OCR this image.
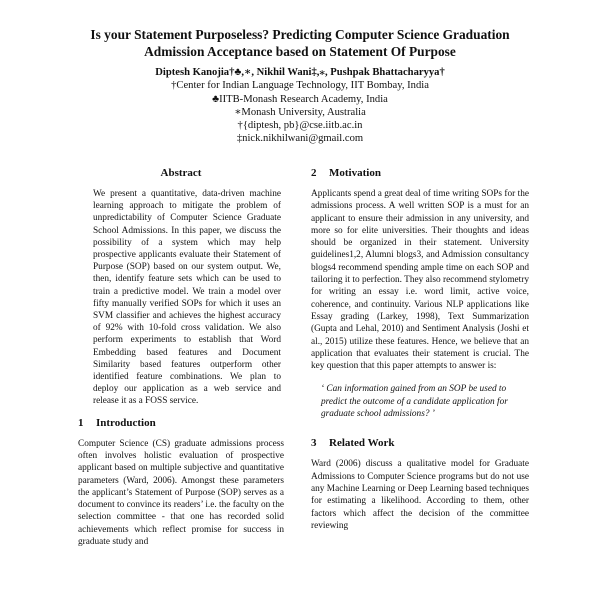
Is your Statement Purposeless? Predicting Computer Science Graduation
Admission Acceptance based on Statement Of Purpose
Diptesh Kanojia†♣,∗, Nikhil Wani‡,⁎, Pushpak Bhattacharyya†
†Center for Indian Language Technology, IIT Bombay, India
♣IITB-Monash Research Academy, India
∗Monash University, Australia
†{diptesh, pb}@cse.iitb.ac.in
‡nick.nikhilwani@gmail.com
Abstract

We present a quantitative, data-driven machine learning approach to mitigate the problem of unpredictability of Computer Science Graduate School Admissions. In this paper, we discuss the possibility of a system which may help prospective applicants evaluate their Statement of Purpose (SOP) based on our system output. We, then, identify feature sets which can be used to train a predictive model. We train a model over fifty manually verified SOPs for which it uses an SVM classifier and achieves the highest accuracy of 92% with 10-fold cross validation. We also perform experiments to establish that Word Embedding based features and Document Similarity based features outperform other identified feature combinations. We plan to deploy our application as a web service and release it as a FOSS service.

1 Introduction

Computer Science (CS) graduate admissions process often involves holistic evaluation of prospective applicant based on multiple subjective and quantitative parameters (Ward, 2006). Amongst these parameters the applicant’s Statement of Purpose (SOP) serves as a document to convince its readers’ i.e. the faculty on the selection committee - that one has recorded solid achievements which reflect promise for success in graduate study and

2 Motivation

Applicants spend a great deal of time writing SOPs for the admissions process. A well written SOP is a must for an applicant to ensure their admission in any university, and more so for elite universities. Their thoughts and ideas should be organized in their statement. University guidelines1,2, Alumni blogs3, and Admission consultancy blogs4 recommend spending ample time on each SOP and tailoring it to perfection. They also recommend stylometry for writing an essay i.e. word limit, active voice, coherence, and continuity. Various NLP applications like Essay grading (Larkey, 1998), Text Summarization (Gupta and Lehal, 2010) and Sentiment Analysis (Joshi et al., 2015) utilize these features. Hence, we believe that an application that evaluates their statement is crucial. The key question that this paper attempts to answer is:

‘ Can information gained from an SOP be used to predict the outcome of a candidate application for graduate school admissions? ’

3 Related Work

Ward (2006) discuss a qualitative model for Graduate Admissions to Computer Science programs but do not use any Machine Learning or Deep Learning based techniques for estimating a likelihood. According to them, other factors which affect the decision of the committee reviewing
